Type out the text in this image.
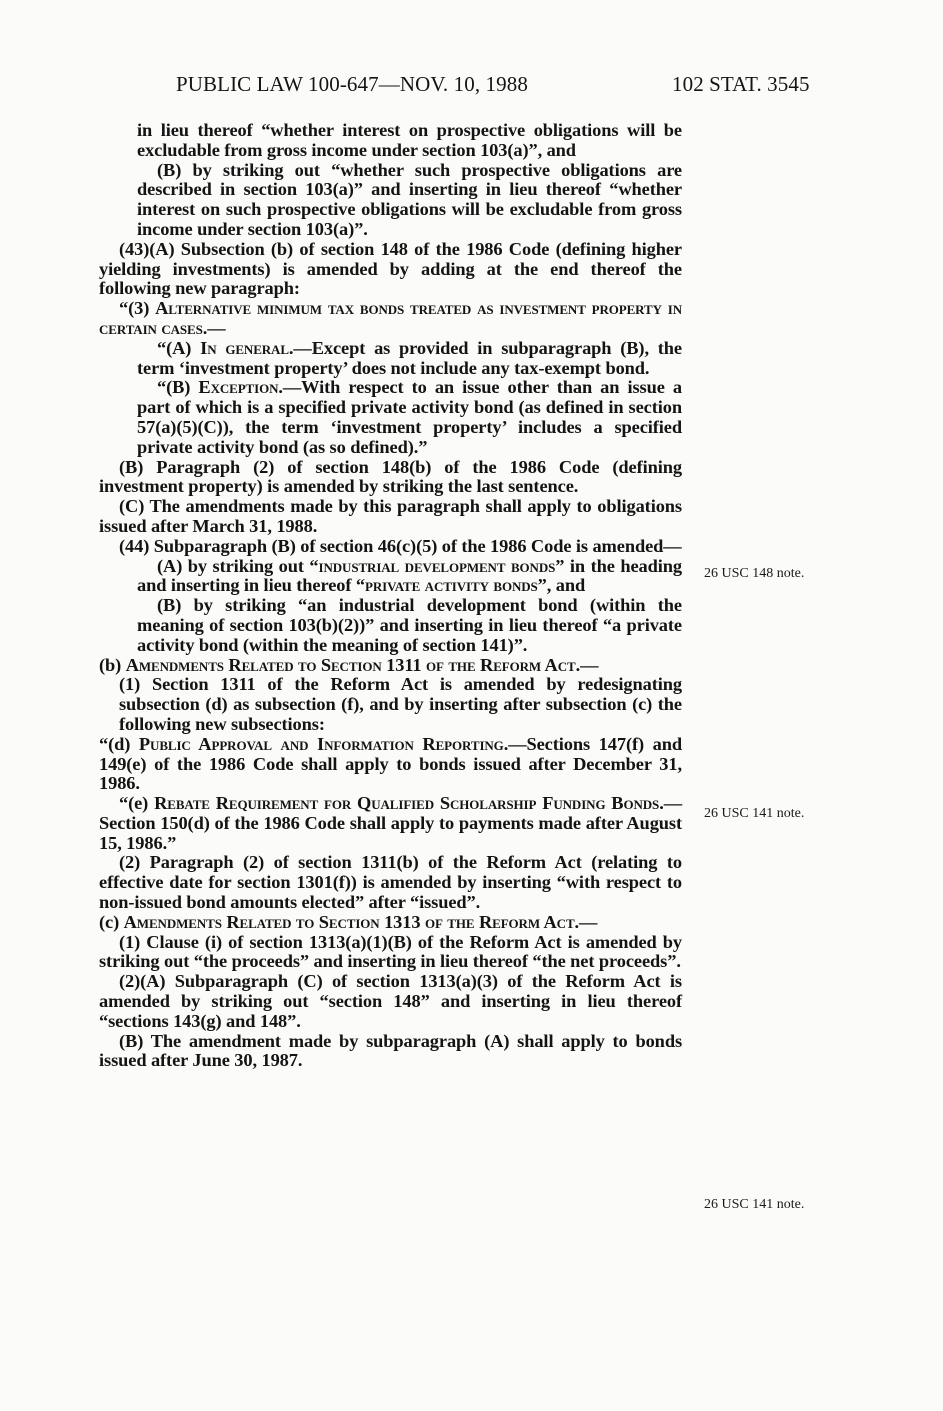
PUBLIC LAW 100-647—NOV. 10, 1988	102 STAT. 3545

in lieu thereof “whether interest on prospective obligations will be excludable from gross income under section 103(a)”, and

(B) by striking out “whether such prospective obligations are described in section 103(a)” and inserting in lieu thereof “whether interest on such prospective obligations will be excludable from gross income under section 103(a)”.

(43)(A) Subsection (b) of section 148 of the 1986 Code (defining higher yielding investments) is amended by adding at the end thereof the following new paragraph:

“(3) Alternative minimum tax bonds treated as investment property in certain cases.—

“(A) In general.—Except as provided in subparagraph (B), the term ‘investment property’ does not include any tax-exempt bond.

“(B) Exception.—With respect to an issue other than an issue a part of which is a specified private activity bond (as defined in section 57(a)(5)(C)), the term ‘investment property’ includes a specified private activity bond (as so defined).”

(B) Paragraph (2) of section 148(b) of the 1986 Code (defining investment property) is amended by striking the last sentence.

(C) The amendments made by this paragraph shall apply to obligations issued after March 31, 1988.

(44) Subparagraph (B) of section 46(c)(5) of the 1986 Code is amended—

(A) by striking out “industrial development bonds” in the heading and inserting in lieu thereof “private activity bonds”, and

(B) by striking “an industrial development bond (within the meaning of section 103(b)(2))” and inserting in lieu thereof “a private activity bond (within the meaning of section 141)”.

(b) Amendments Related to Section 1311 of the Reform Act.—

(1) Section 1311 of the Reform Act is amended by redesignating subsection (d) as subsection (f), and by inserting after subsection (c) the following new subsections:

“(d) Public Approval and Information Reporting.—Sections 147(f) and 149(e) of the 1986 Code shall apply to bonds issued after December 31, 1986.

“(e) Rebate Requirement for Qualified Scholarship Funding Bonds.—Section 150(d) of the 1986 Code shall apply to payments made after August 15, 1986.”

(2) Paragraph (2) of section 1311(b) of the Reform Act (relating to effective date for section 1301(f)) is amended by inserting “with respect to non-issued bond amounts elected” after “issued”.

(c) Amendments Related to Section 1313 of the Reform Act.—

(1) Clause (i) of section 1313(a)(1)(B) of the Reform Act is amended by striking out “the proceeds” and inserting in lieu thereof “the net proceeds”.

(2)(A) Subparagraph (C) of section 1313(a)(3) of the Reform Act is amended by striking out “section 148” and inserting in lieu thereof “sections 143(g) and 148”.

(B) The amendment made by subparagraph (A) shall apply to bonds issued after June 30, 1987.

26 USC 148 note.
26 USC 141 note.
26 USC 141 note.
